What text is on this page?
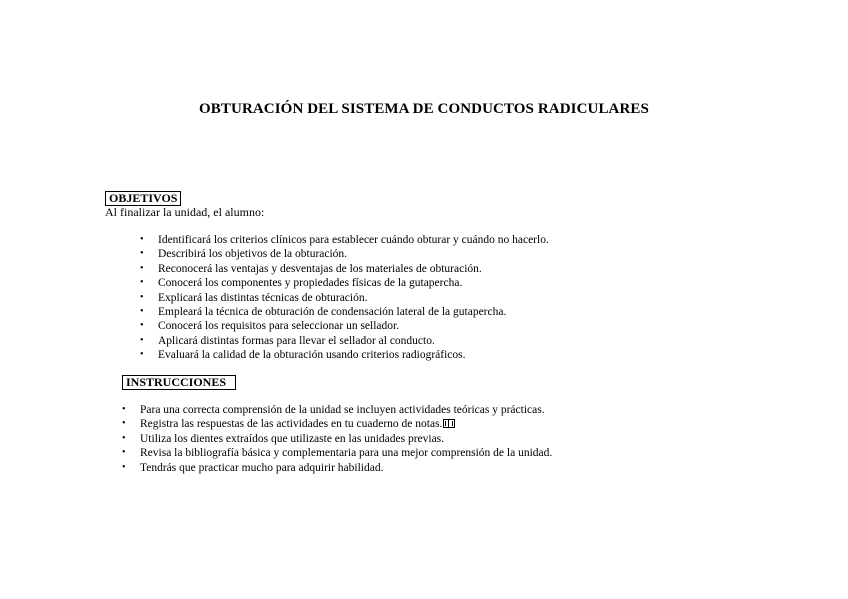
OBTURACIÓN DEL SISTEMA DE CONDUCTOS RADICULARES
OBJETIVOS

Al finalizar la unidad, el alumno:

• Identificará los criterios clínicos para establecer cuándo obturar y cuándo no hacerlo.
• Describirá los objetivos de la obturación.
• Reconocerá las ventajas y desventajas de los materiales de obturación.
• Conocerá los componentes y propiedades físicas de la gutapercha.
• Explicará las distintas técnicas de obturación.
• Empleará la técnica de obturación de condensación lateral de la gutapercha.
• Conocerá los requisitos para seleccionar un sellador.
• Aplicará distintas formas para llevar el sellador al conducto.
• Evaluará la calidad de la obturación usando criterios radiográficos.
INSTRUCCIONES
• Para una correcta comprensión de la unidad se incluyen actividades teóricas y prácticas.
• Registra las respuestas de las actividades en tu cuaderno de notas.
• Utiliza los dientes extraídos que utilizaste en las unidades previas.
• Revisa la bibliografía básica y complementaria para una mejor comprensión de la unidad.
• Tendrás que practicar mucho para adquirir habilidad.
